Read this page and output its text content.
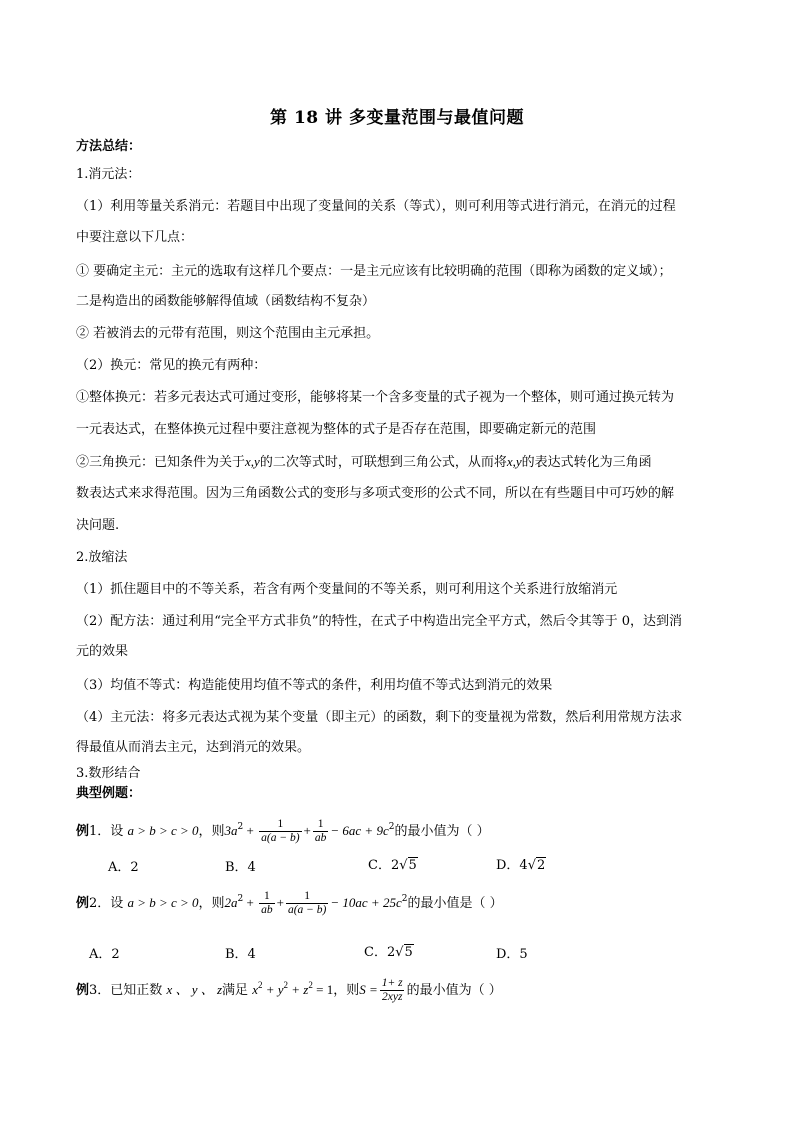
第 18 讲 多变量范围与最值问题
方法总结：
1.消元法：
（1）利用等量关系消元：若题目中出现了变量间的关系（等式），则可利用等式进行消元，在消元的过程
中要注意以下几点：
① 要确定主元：主元的选取有这样几个要点：一是主元应该有比较明确的范围（即称为函数的定义域）；
二是构造出的函数能够解得值域（函数结构不复杂）
② 若被消去的元带有范围，则这个范围由主元承担。
（2）换元：常见的换元有两种：
①整体换元：若多元表达式可通过变形，能够将某一个含多变量的式子视为一个整体，则可通过换元转为
一元表达式，在整体换元过程中要注意视为整体的式子是否存在范围，即要确定新元的范围
②三角换元：已知条件为关于x,y的二次等式时，可联想到三角公式，从而将x,y的表达式转化为三角函
数表达式来求得范围。因为三角函数公式的变形与多项式变形的公式不同，所以在有些题目中可巧妙的解
决问题.
2.放缩法
（1）抓住题目中的不等关系，若含有两个变量间的不等关系，则可利用这个关系进行放缩消元
（2）配方法：通过利用“完全平方式非负”的特性，在式子中构造出完全平方式，然后令其等于 0，达到消
元的效果
（3）均值不等式：构造能使用均值不等式的条件，利用均值不等式达到消元的效果
（4）主元法：将多元表达式视为某个变量（即主元）的函数，剩下的变量视为常数，然后利用常规方法求
得最值从而消去主元，达到消元的效果。
3.数形结合
典型例题：
例1．设 a > b > c > 0，则$3a^2 + \frac{1}{a(a - b)} + \frac{1}{ab} - 6ac + 9c^2$的最小值为（ ）
A．2	B．4	C．2√5	D．4√2
例2．设 a > b > c > 0，则$2a^2 + \frac{1}{ab} + \frac{1}{a(a - b)} - 10ac + 25c^2$的最小值是（ ）
A．2	B．4	C．2√5	D．5
例3．已知正数 x 、 y 、 z满足 $x^2 + y^2 + z^2 = 1$，则$S = \frac{1+ z}{\text{2xyz}}$ 的最小值为（ ）
